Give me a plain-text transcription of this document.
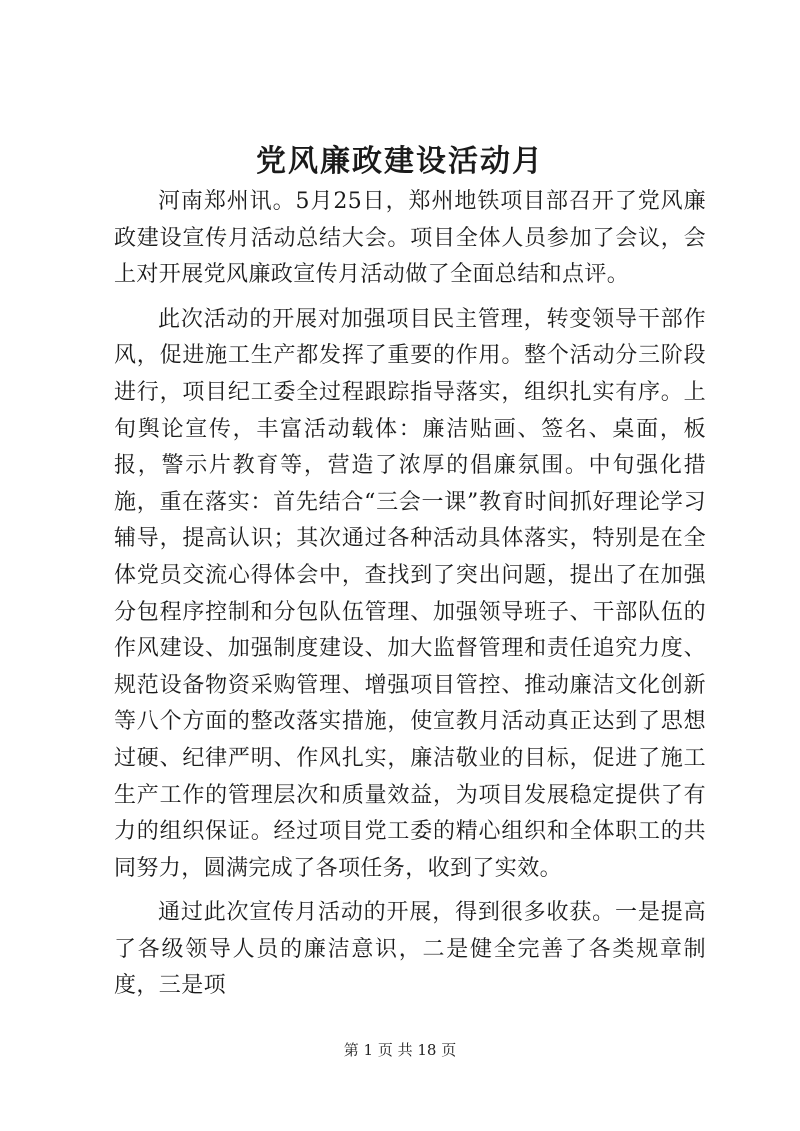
党风廉政建设活动月

河南郑州讯。5月25日，郑州地铁项目部召开了党风廉政建设宣传月活动总结大会。项目全体人员参加了会议，会上对开展党风廉政宣传月活动做了全面总结和点评。

此次活动的开展对加强项目民主管理，转变领导干部作风，促进施工生产都发挥了重要的作用。整个活动分三阶段进行，项目纪工委全过程跟踪指导落实，组织扎实有序。上旬舆论宣传，丰富活动载体：廉洁贴画、签名、桌面，板报，警示片教育等，营造了浓厚的倡廉氛围。中旬强化措施，重在落实：首先结合“三会一课”教育时间抓好理论学习辅导，提高认识；其次通过各种活动具体落实，特别是在全体党员交流心得体会中，查找到了突出问题，提出了在加强分包程序控制和分包队伍管理、加强领导班子、干部队伍的作风建设、加强制度建设、加大监督管理和责任追究力度、规范设备物资采购管理、增强项目管控、推动廉洁文化创新等八个方面的整改落实措施，使宣教月活动真正达到了思想过硬、纪律严明、作风扎实，廉洁敬业的目标，促进了施工生产工作的管理层次和质量效益，为项目发展稳定提供了有力的组织保证。经过项目党工委的精心组织和全体职工的共同努力，圆满完成了各项任务，收到了实效。

通过此次宣传月活动的开展，得到很多收获。一是提高了各级领导人员的廉洁意识，二是健全完善了各类规章制度，三是项

第 1 页 共 18 页
